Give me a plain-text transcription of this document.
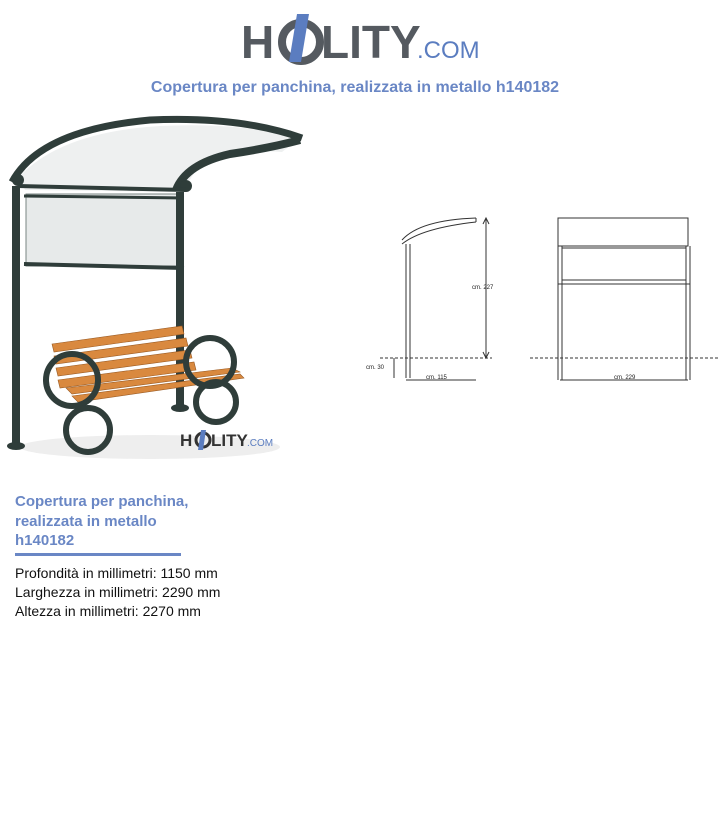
H LITY
.COM
Copertura per panchina, realizzata in metallo h140182
H LITY .COM
cm. 227
cm. 30
cm. 115	cm. 229
Copertura per panchina,
realizzata in metallo
h140182
Profondità in millimetri: 1150 mm
Larghezza in millimetri: 2290 mm
Altezza in millimetri: 2270 mm
